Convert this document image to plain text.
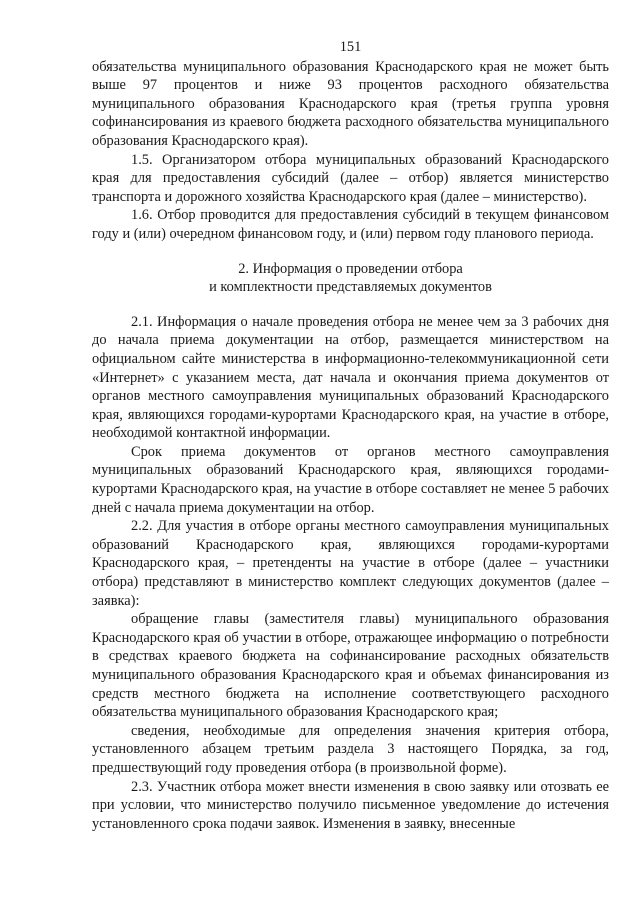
151

обязательства муниципального образования Краснодарского края не может быть выше 97 процентов и ниже 93 процентов расходного обязательства муниципального образования Краснодарского края (третья группа уровня софинансирования из краевого бюджета расходного обязательства муниципального образования Краснодарского края).

1.5. Организатором отбора муниципальных образований Краснодарского края для предоставления субсидий (далее – отбор) является министерство транспорта и дорожного хозяйства Краснодарского края (далее – министерство).

1.6. Отбор проводится для предоставления субсидий в текущем финансовом году и (или) очередном финансовом году, и (или) первом году планового периода.

2. Информация о проведении отбора
и комплектности представляемых документов

2.1. Информация о начале проведения отбора не менее чем за 3 рабочих дня до начала приема документации на отбор, размещается министерством на официальном сайте министерства в информационно-телекоммуникационной сети «Интернет» с указанием места, дат начала и окончания приема документов от органов местного самоуправления муниципальных образований Краснодарского края, являющихся городами-курортами Краснодарского края, на участие в отборе, необходимой контактной информации.

Срок приема документов от органов местного самоуправления муниципальных образований Краснодарского края, являющихся городами-курортами Краснодарского края, на участие в отборе составляет не менее 5 рабочих дней с начала приема документации на отбор.

2.2. Для участия в отборе органы местного самоуправления муниципальных образований Краснодарского края, являющихся городами-курортами Краснодарского края, – претенденты на участие в отборе (далее – участники отбора) представляют в министерство комплект следующих документов (далее – заявка):

обращение главы (заместителя главы) муниципального образования Краснодарского края об участии в отборе, отражающее информацию о потребности в средствах краевого бюджета на софинансирование расходных обязательств муниципального образования Краснодарского края и объемах финансирования из средств местного бюджета на исполнение соответствующего расходного обязательства муниципального образования Краснодарского края;

сведения, необходимые для определения значения критерия отбора, установленного абзацем третьим раздела 3 настоящего Порядка, за год, предшествующий году проведения отбора (в произвольной форме).

2.3. Участник отбора может внести изменения в свою заявку или отозвать ее при условии, что министерство получило письменное уведомление до истечения установленного срока подачи заявок. Изменения в заявку, внесенные
